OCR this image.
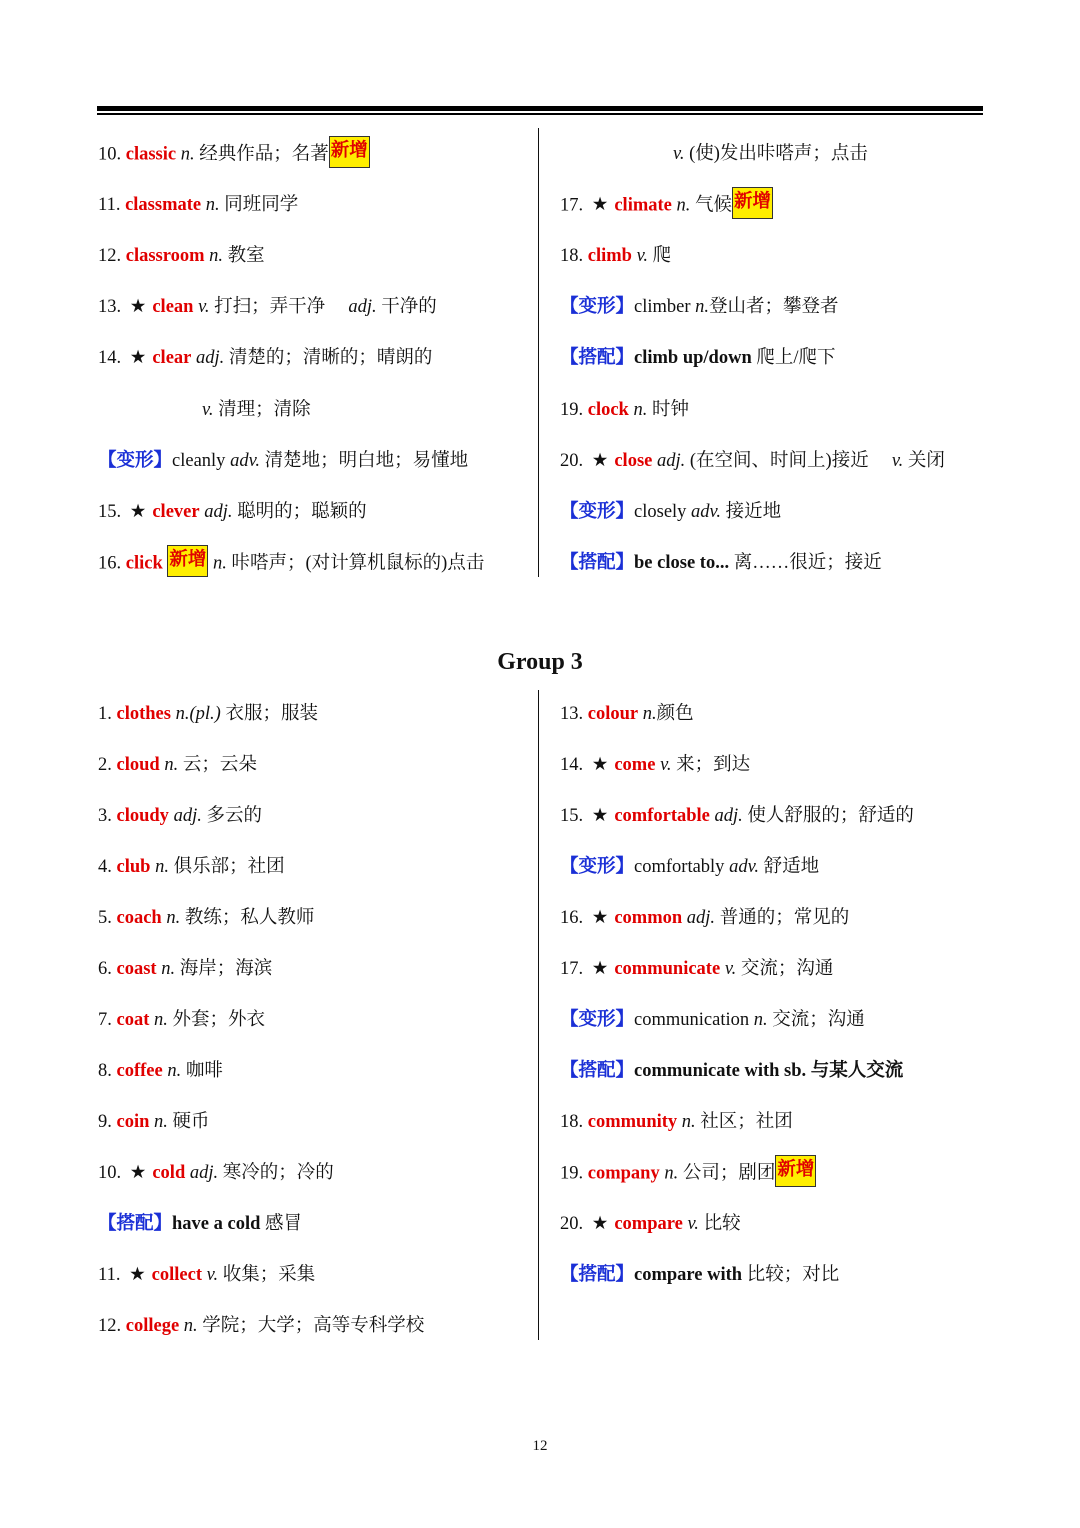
10. classic n. 经典作品；名著 新增
11. classmate n. 同班同学
12. classroom n. 教室
13. ★ clean v. 打扫；弄干净 adj. 干净的
14. ★ clear adj. 清楚的；清晰的；晴朗的
v. 清理；清除
【变形】cleanly adv. 清楚地；明白地；易懂地
15. ★ clever adj. 聪明的；聪颖的
16. click 新增 n. 咔嗒声；(对计算机鼠标的)点击
v. (使)发出咔嗒声；点击
17. ★ climate n. 气候 新增
18. climb v. 爬
【变形】climber n.登山者；攀登者
【搭配】climb up/down 爬上/爬下
19. clock n. 时钟
20. ★ close adj. (在空间、时间上)接近 v. 关闭
【变形】closely adv. 接近地
【搭配】be close to... 离……很近；接近
Group 3
1. clothes n.(pl.) 衣服；服装
2. cloud n. 云；云朵
3. cloudy adj. 多云的
4. club n. 俱乐部；社团
5. coach n. 教练；私人教师
6. coast n. 海岸；海滨
7. coat n. 外套；外衣
8. coffee n. 咖啡
9. coin n. 硬币
10. ★ cold adj. 寒冷的；冷的
【搭配】have a cold 感冒
11. ★ collect v. 收集；采集
12. college n. 学院；大学；高等专科学校
13. colour n.颜色
14. ★ come v. 来；到达
15. ★ comfortable adj. 使人舒服的；舒适的
【变形】comfortably adv. 舒适地
16. ★ common adj. 普通的；常见的
17. ★ communicate v. 交流；沟通
【变形】communication n. 交流；沟通
【搭配】communicate with sb. 与某人交流
18. community n. 社区；社团
19. company n. 公司；剧团 新增
20. ★ compare v. 比较
【搭配】compare with 比较；对比
12
